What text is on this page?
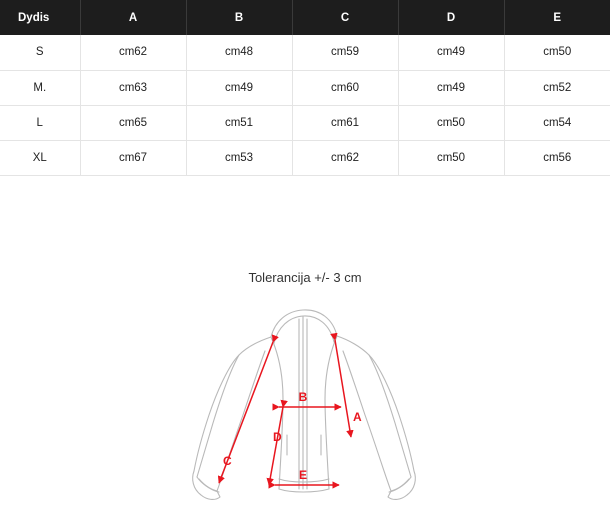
Dydis	A	B	C	D	E
S	cm62	cm48	cm59	cm49	cm50
M.	cm63	cm49	cm60	cm49	cm52
L	cm65	cm51	cm61	cm50	cm54
XL	cm67	cm53	cm62	cm50	cm56
Tolerancija +/- 3 cm
A
B
C
D
E
